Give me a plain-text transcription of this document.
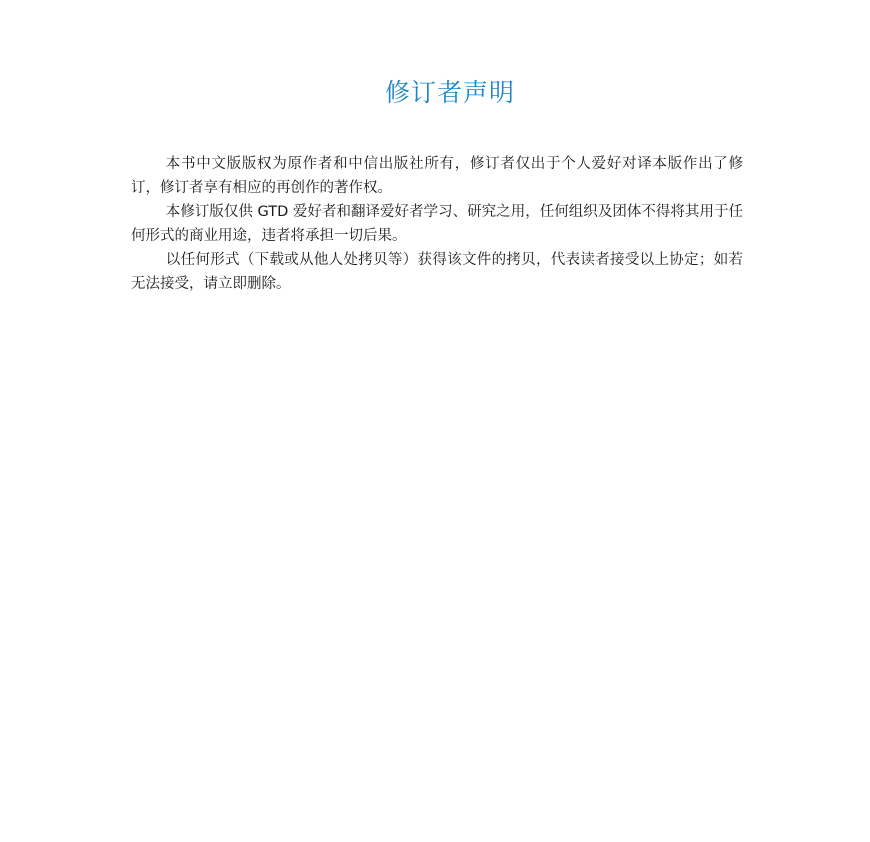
修订者声明

本书中文版版权为原作者和中信出版社所有，修订者仅出于个人爱好对译本版作出了修订，修订者享有相应的再创作的著作权。

本修订版仅供 GTD 爱好者和翻译爱好者学习、研究之用，任何组织及团体不得将其用于任何形式的商业用途，违者将承担一切后果。

以任何形式（下载或从他人处拷贝等）获得该文件的拷贝，代表读者接受以上协定；如若无法接受，请立即删除。
